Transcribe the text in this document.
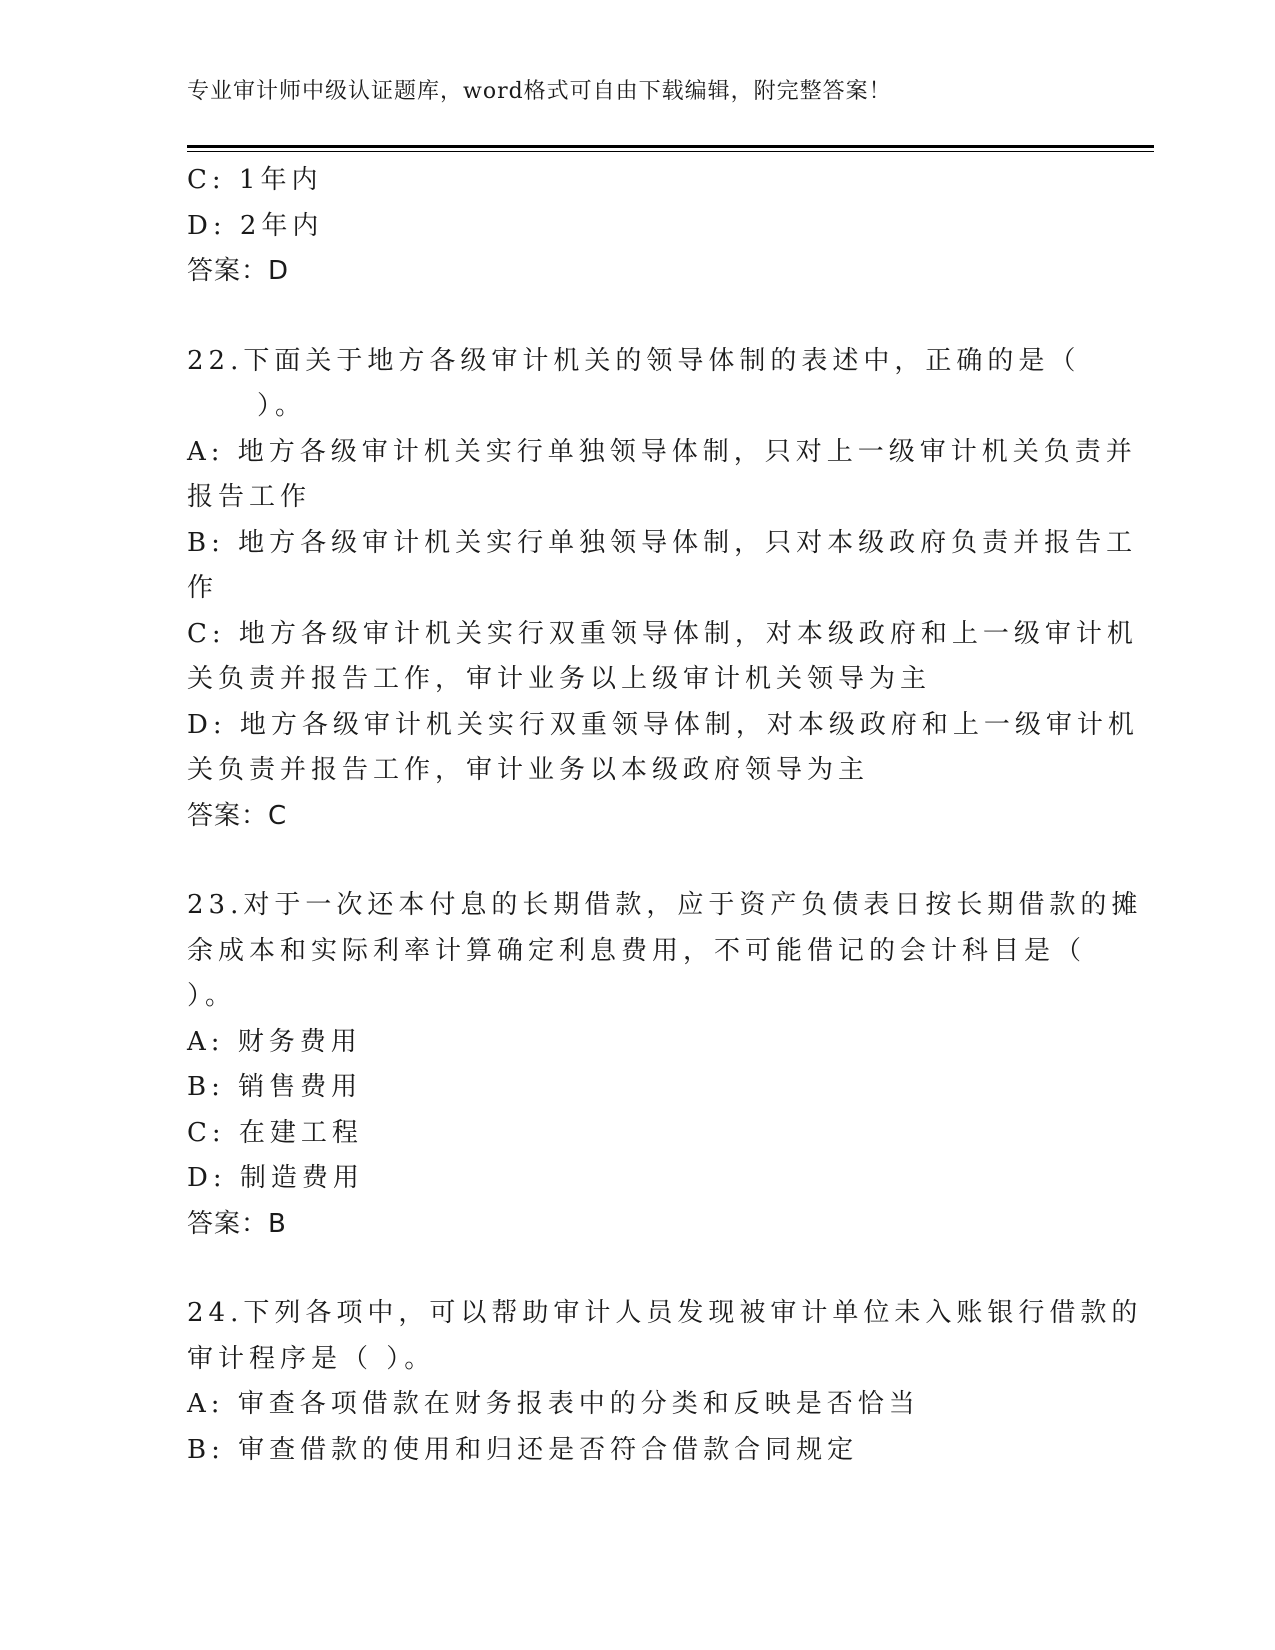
专业审计师中级认证题库，word格式可自由下载编辑，附完整答案！
C: 1年内
D: 2年内
答案：D
22.下面关于地方各级审计机关的领导体制的表述中，正确的是（
）。
A: 地方各级审计机关实行单独领导体制，只对上一级审计机关负责并
报告工作
B: 地方各级审计机关实行单独领导体制，只对本级政府负责并报告工
作
C: 地方各级审计机关实行双重领导体制，对本级政府和上一级审计机
关负责并报告工作，审计业务以上级审计机关领导为主
D: 地方各级审计机关实行双重领导体制，对本级政府和上一级审计机
关负责并报告工作，审计业务以本级政府领导为主
答案：C
23.对于一次还本付息的长期借款，应于资产负债表日按长期借款的摊
余成本和实际利率计算确定利息费用，不可能借记的会计科目是（
）。
A: 财务费用
B: 销售费用
C: 在建工程
D: 制造费用
答案：B
24.下列各项中，可以帮助审计人员发现被审计单位未入账银行借款的
审计程序是（ ）。
A: 审查各项借款在财务报表中的分类和反映是否恰当
B: 审查借款的使用和归还是否符合借款合同规定
